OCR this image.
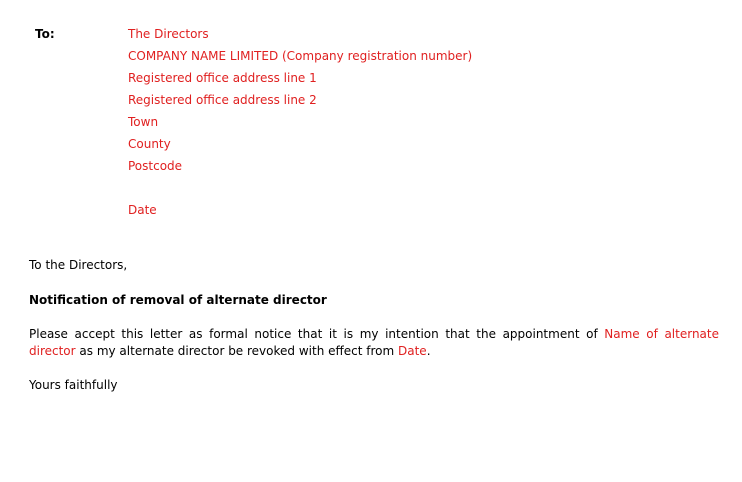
To:	The Directors
COMPANY NAME LIMITED (Company registration number)
Registered office address line 1
Registered office address line 2
Town
County
Postcode
Date
To the Directors,
Notification of removal of alternate director
Please accept this letter as formal notice that it is my intention that the appointment of Name of alternate director as my alternate director be revoked with effect from Date.
Yours faithfully
